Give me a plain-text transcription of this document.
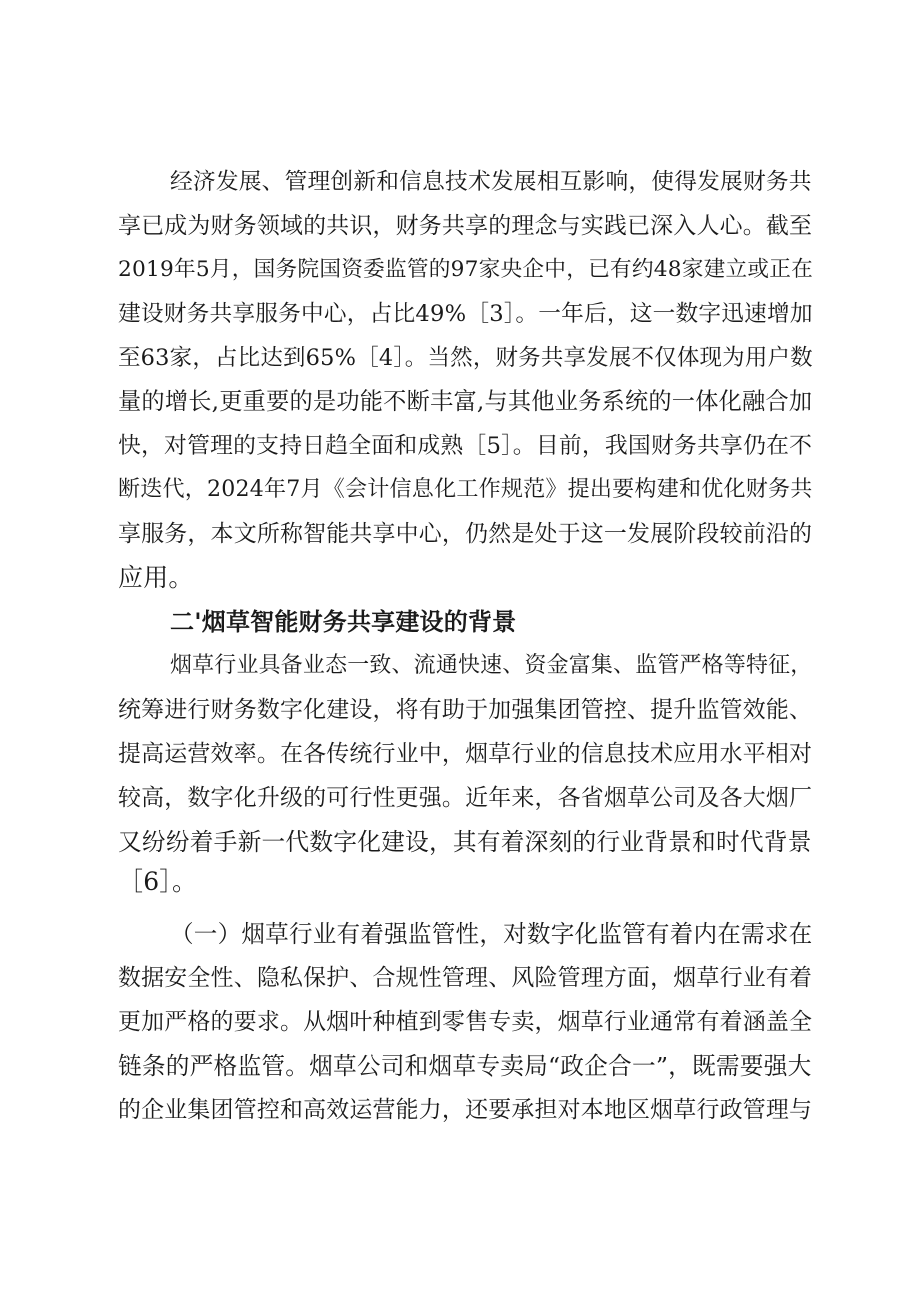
经济发展、管理创新和信息技术发展相互影响，使得发展财务共
享已成为财务领域的共识，财务共享的理念与实践已深入人心。截至
2019年5月，国务院国资委监管的97家央企中，已有约48家建立或正在
建设财务共享服务中心，占比49%［3］。一年后，这一数字迅速增加
至63家，占比达到65%［4］。当然，财务共享发展不仅体现为用户数
量的增长,更重要的是功能不断丰富,与其他业务系统的一体化融合加
快，对管理的支持日趋全面和成熟［5］。目前，我国财务共享仍在不
断迭代，2024年7月《会计信息化工作规范》提出要构建和优化财务共
享服务，本文所称智能共享中心，仍然是处于这一发展阶段较前沿的
应用。
二'烟草智能财务共享建设的背景
烟草行业具备业态一致、流通快速、资金富集、监管严格等特征，
统筹进行财务数字化建设，将有助于加强集团管控、提升监管效能、
提高运营效率。在各传统行业中，烟草行业的信息技术应用水平相对
较高，数字化升级的可行性更强。近年来，各省烟草公司及各大烟厂
又纷纷着手新一代数字化建设，其有着深刻的行业背景和时代背景
［6］。
（一）烟草行业有着强监管性，对数字化监管有着内在需求在
数据安全性、隐私保护、合规性管理、风险管理方面，烟草行业有着
更加严格的要求。从烟叶种植到零售专卖，烟草行业通常有着涵盖全
链条的严格监管。烟草公司和烟草专卖局“政企合一”，既需要强大
的企业集团管控和高效运营能力，还要承担对本地区烟草行政管理与
